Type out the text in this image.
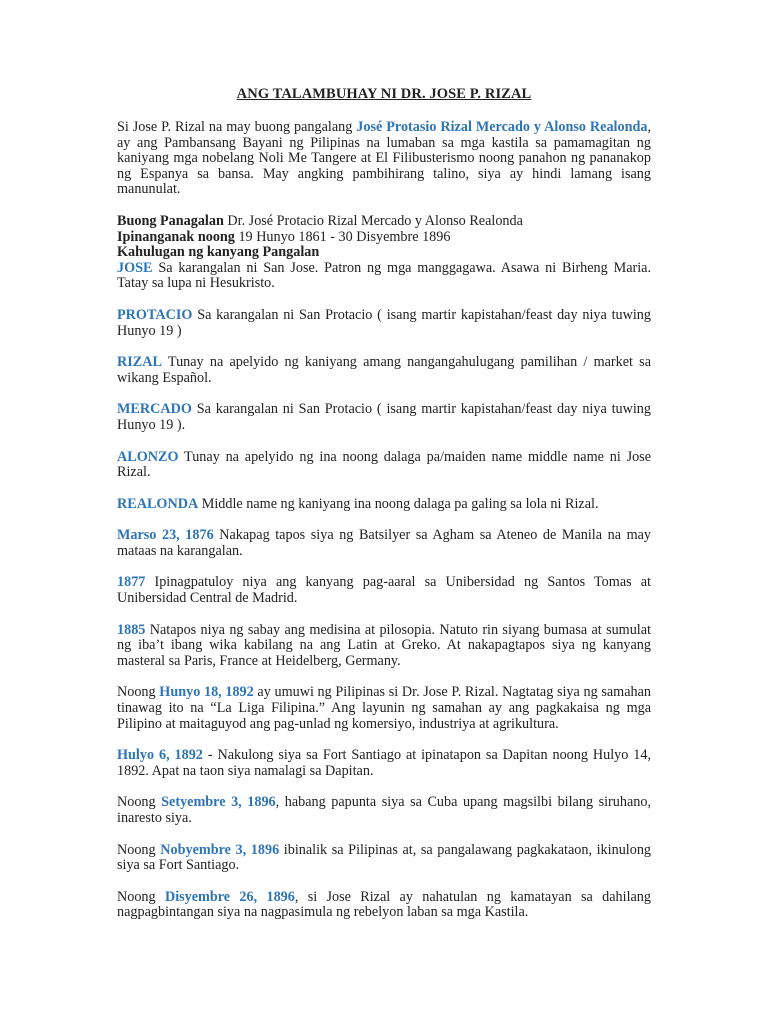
ANG TALAMBUHAY NI DR. JOSE P. RIZAL

Si Jose P. Rizal na may buong pangalang José Protasio Rizal Mercado y Alonso Realonda, ay ang Pambansang Bayani ng Pilipinas na lumaban sa mga kastila sa pamamagitan ng kaniyang mga nobelang Noli Me Tangere at El Filibusterismo noong panahon ng pananakop ng Espanya sa bansa. May angking pambihirang talino, siya ay hindi lamang isang manunulat.

Buong Panagalan Dr. José Protacio Rizal Mercado y Alonso Realonda
Ipinanganak noong 19 Hunyo 1861 - 30 Disyembre 1896
Kahulugan ng kanyang Pangalan

JOSE Sa karangalan ni San Jose. Patron ng mga manggagawa. Asawa ni Birheng Maria. Tatay sa lupa ni Hesukristo.

PROTACIO Sa karangalan ni San Protacio ( isang martir kapistahan/feast day niya tuwing Hunyo 19 )

RIZAL Tunay na apelyido ng kaniyang amang nangangahulugang pamilihan / market sa wikang Español.

MERCADO Sa karangalan ni San Protacio ( isang martir kapistahan/feast day niya tuwing Hunyo 19 ).

ALONZO Tunay na apelyido ng ina noong dalaga pa/maiden name middle name ni Jose Rizal.

REALONDA Middle name ng kaniyang ina noong dalaga pa galing sa lola ni Rizal.

Marso 23, 1876 Nakapag tapos siya ng Batsilyer sa Agham sa Ateneo de Manila na may mataas na karangalan.

1877 Ipinagpatuloy niya ang kanyang pag-aaral sa Unibersidad ng Santos Tomas at Unibersidad Central de Madrid.

1885 Natapos niya ng sabay ang medisina at pilosopia. Natuto rin siyang bumasa at sumulat ng iba’t ibang wika kabilang na ang Latin at Greko. At nakapagtapos siya ng kanyang masteral sa Paris, France at Heidelberg, Germany.

Noong Hunyo 18, 1892 ay umuwi ng Pilipinas si Dr. Jose P. Rizal. Nagtatag siya ng samahan tinawag ito na “La Liga Filipina.” Ang layunin ng samahan ay ang pagkakaisa ng mga Pilipino at maitaguyod ang pag-unlad ng komersiyo, industriya at agrikultura.

Hulyo 6, 1892 - Nakulong siya sa Fort Santiago at ipinatapon sa Dapitan noong Hulyo 14, 1892. Apat na taon siya namalagi sa Dapitan.

Noong Setyembre 3, 1896, habang papunta siya sa Cuba upang magsilbi bilang siruhano, inaresto siya.

Noong Nobyembre 3, 1896 ibinalik sa Pilipinas at, sa pangalawang pagkakataon, ikinulong siya sa Fort Santiago.

Noong Disyembre 26, 1896, si Jose Rizal ay nahatulan ng kamatayan sa dahilang nagpagbintangan siya na nagpasimula ng rebelyon laban sa mga Kastila.
